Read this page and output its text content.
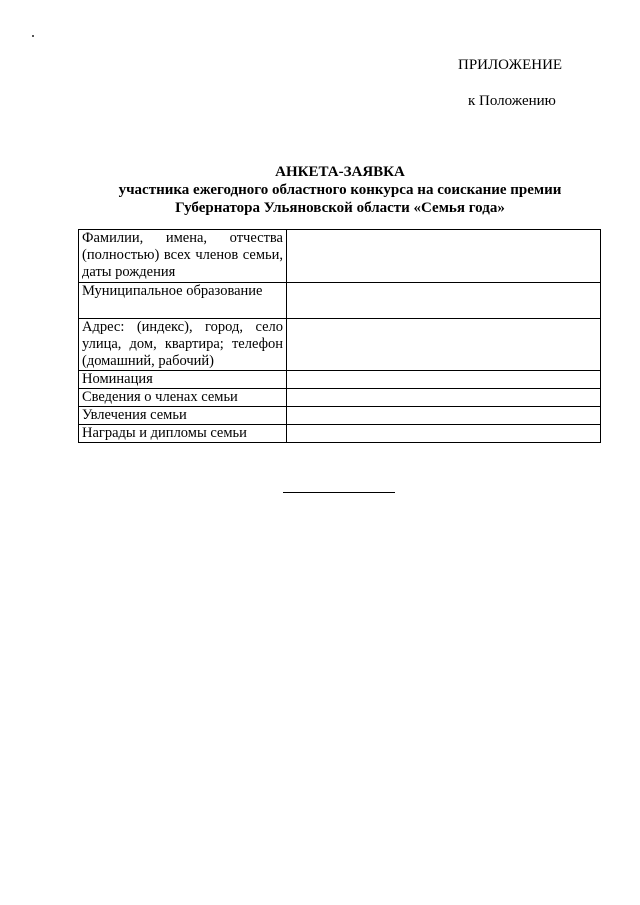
ПРИЛОЖЕНИЕ
к Положению
АНКЕТА-ЗАЯВКА
участника ежегодного областного конкурса на соискание премии
Губернатора Ульяновской области «Семья года»
Фамилии, имена, отчества (полностью) всех членов семьи, даты рождения	
Муниципальное образование	
Адрес: (индекс), город, село улица, дом, квартира; телефон (домашний, рабочий)	
Номинация	
Сведения о членах семьи	
Увлечения семьи	
Награды и дипломы семьи	
